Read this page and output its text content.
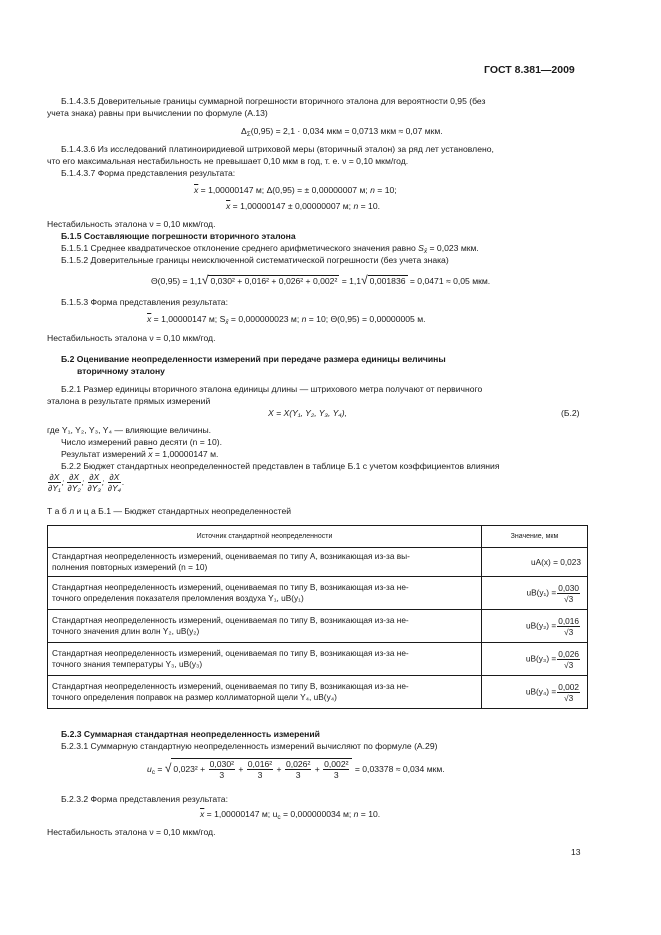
ГОСТ 8.381—2009
Б.1.4.3.5 Доверительные границы суммарной погрешности вторичного эталона для вероятности 0,95 (без
учета знака) равны при вычислении по формуле (А.13)
$\Delta_\Sigma(0,95) = 2,1 \cdot 0,034$ мкм = 0,0713 мкм ≈ 0,07 мкм.
Б.1.4.3.6 Из исследований платиноиридиевой штриховой меры (вторичный эталон) за ряд лет установлено,
что его максимальная нестабильность не превышает 0,10 мкм в год, т. е. ν = 0,10 мкм/год.
Б.1.4.3.7 Форма представления результата:
$\overline{x} = 1,00000147$ м; Δ(0,95) = ± 0,00000007 м; n = 10;
$\overline{x} = 1,00000147 \pm 0,00000007$ м; n = 10.
Нестабильность эталона ν = 0,10 мкм/год.
Б.1.5 Составляющие погрешности вторичного эталона
Б.1.5.1 Среднее квадратическое отклонение среднего арифметического значения равно $S_{x̄} = 0,023$ мкм.
Б.1.5.2 Доверительные границы неисключенной систематической погрешности (без учета знака)
Θ(0,95) = 1,1√ 0,030² + 0,016² + 0,026² + 0,002² = 1,1√ 0,001836 = 0,0471 ≈ 0,05 мкм.
Б.1.5.3 Форма представления результата:
$\overline{x} = 1,00000147$ м; $S_{x̄} = 0,000000023$ м; n = 10; Θ(0,95) = 0,00000005 м.
Нестабильность эталона ν = 0,10 мкм/год.
Б.2 Оценивание неопределенности измерений при передаче размера единицы величины
вторичному эталону
Б.2.1 Размер единицы вторичного эталона единицы длины — штрихового метра получают от первичного
эталона в результате прямых измерений
X = X(Y₁, Y₂, Y₃, Y₄),	(Б.2)
где Y₁, Y₂, Y₃, Y₄ — влияющие величины.
Число измерений равно десяти (n = 10).
Результат измерений $\overline{x} = 1,00000147$ м.
Б.2.2 Бюджет стандартных неопределенностей представлен в таблице Б.1 с учетом коэффициентов влияния
$\frac{\partial X}{\text{∂Y₁}}$ ; $\frac{\partial X}{\text{∂Y₂}}$ ; $\frac{\partial X}{\text{∂Y₃}}$ ; $\frac{\partial X}{\text{∂Y₄}}$ .
Т а б л и ц а Б.1 — Бюджет стандартных неопределенностей
Источник стандартной неопределенности	Значение, мкм
Стандартная неопределенность измерений, оцениваемая по типу А, возникающая из-за вы-
полнения повторных измерений (n = 10)	uA(x) = 0,023
Стандартная неопределенность измерений, оцениваемая по типу В, возникающая из-за не-
точного определения показателя преломления воздуха Y₁, uB(y₁)	$uB(y_1) = \frac{0,030}{√3}$

Стандартная неопределенность измерений, оцениваемая по типу В, возникающая из-за не-
точного значения длин волн Y₂, uB(y₂)	$uB(y_2) = \frac{0,016}{√3}$

Стандартная неопределенность измерений, оцениваемая по типу В, возникающая из-за не-
точного знания температуры Y₃, uB(y₃)	$uB(y_3) = \frac{0,026}{√3}$

Стандартная неопределенность измерений, оцениваемая по типу В, возникающая из-за не-
точного определения поправок на размер коллиматорной щели Y₄, uB(y₄)	$uB(y_4) = \frac{0,002}{√3}$
Б.2.3 Суммарная стандартная неопределенность измерений
Б.2.3.1 Суммарную стандартную неопределенность измерений вычисляют по формуле (А.29)
$u_c$ = √ $0,023^2 + \frac{\text{0,030²}}{3} + \frac{\text{0,016²}}{3} + \frac{\text{0,026²}}{3} + \frac{\text{0,002²}}{3} = 0,03378 \approx 0,034$ мкм.
Б.2.3.2 Форма представления результата:
$\overline{x} = 1,00000147$ м; $u_c = 0,000000034$ м; n = 10.
Нестабильность эталона ν = 0,10 мкм/год.
13
